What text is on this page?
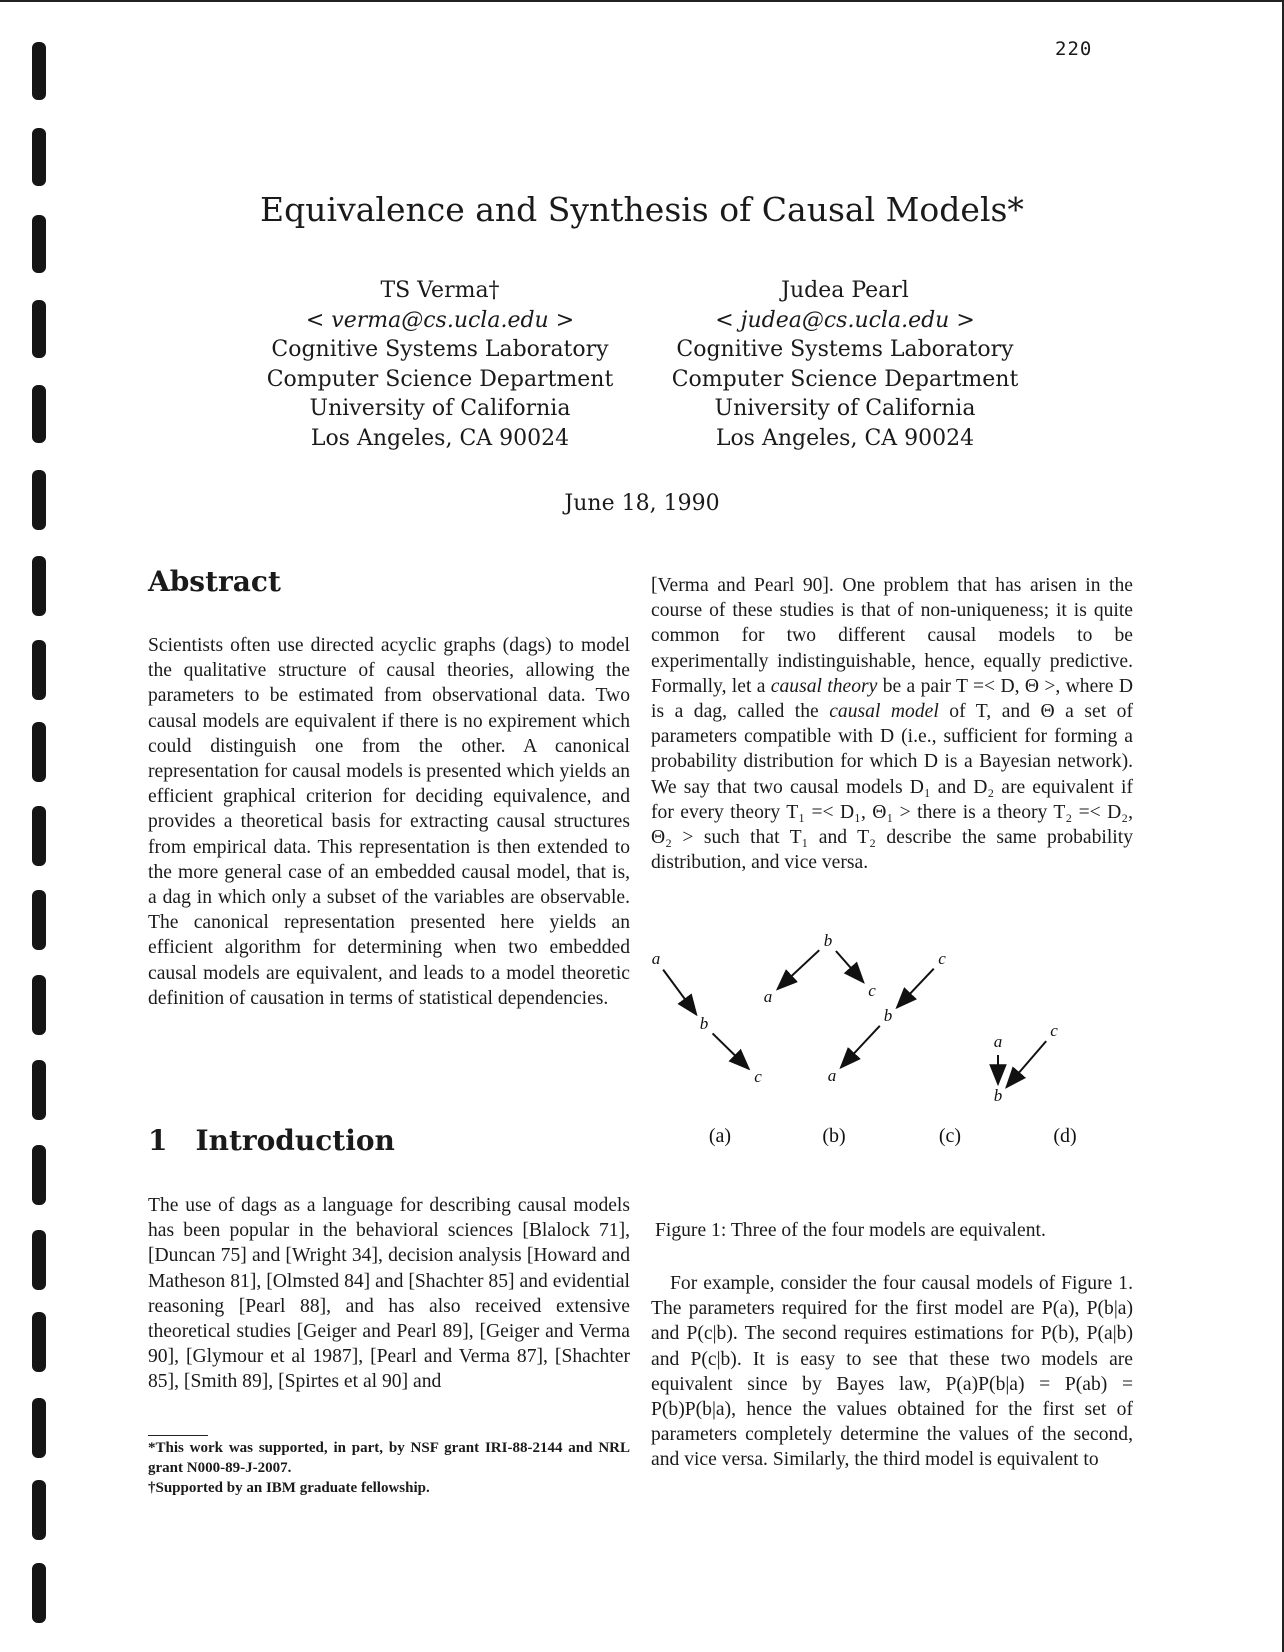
220
Equivalence and Synthesis of Causal Models*
TS Verma†
< verma@cs.ucla.edu >
Cognitive Systems Laboratory
Computer Science Department
University of California
Los Angeles, CA 90024
Judea Pearl
< judea@cs.ucla.edu >
Cognitive Systems Laboratory
Computer Science Department
University of California
Los Angeles, CA 90024
June 18, 1990
Abstract

Scientists often use directed acyclic graphs (dags) to model the qualitative structure of causal theories, allowing the parameters to be estimated from observational data. Two causal models are equivalent if there is no expirement which could distinguish one from the other. A canonical representation for causal models is presented which yields an efficient graphical criterion for deciding equivalence, and provides a theoretical basis for extracting causal structures from empirical data. This representation is then extended to the more general case of an embedded causal model, that is, a dag in which only a subset of the variables are observable. The canonical representation presented here yields an efficient algorithm for determining when two embedded causal models are equivalent, and leads to a model theoretic definition of causation in terms of statistical dependencies.

1 Introduction

The use of dags as a language for describing causal models has been popular in the behavioral sciences [Blalock 71], [Duncan 75] and [Wright 34], decision analysis [Howard and Matheson 81], [Olmsted 84] and [Shachter 85] and evidential reasoning [Pearl 88], and has also received extensive theoretical studies [Geiger and Pearl 89], [Geiger and Verma 90], [Glymour et al 1987], [Pearl and Verma 87], [Shachter 85], [Smith 89], [Spirtes et al 90] and

*This work was supported, in part, by NSF grant IRI-88-2144 and NRL grant N000-89-J-2007.

†Supported by an IBM graduate fellowship.

[Verma and Pearl 90]. One problem that has arisen in the course of these studies is that of non-uniqueness; it is quite common for two different causal models to be experimentally indistinguishable, hence, equally predictive. Formally, let a causal theory be a pair T =< D, Θ >, where D is a dag, called the causal model of T, and Θ a set of parameters compatible with D (i.e., sufficient for forming a probability distribution for which D is a Bayesian network). We say that two causal models D₁ and D₂ are equivalent if for every theory T₁ =< D₁, Θ₁ > there is a theory T₂ =< D₂, Θ₂ > such that T₁ and T₂ describe the same probability distribution, and vice versa.

a
b
c
b
a	c
c
b
a
a
c
b
(a)	(b)	(c)	(d)
Figure 1: Three of the four models are equivalent.

For example, consider the four causal models of Figure 1. The parameters required for the first model are P(a), P(b|a) and P(c|b). The second requires estimations for P(b), P(a|b) and P(c|b). It is easy to see that these two models are equivalent since by Bayes law, P(a)P(b|a) = P(ab) = P(b)P(b|a), hence the values obtained for the first set of parameters completely determine the values of the second, and vice versa. Similarly, the third model is equivalent to
